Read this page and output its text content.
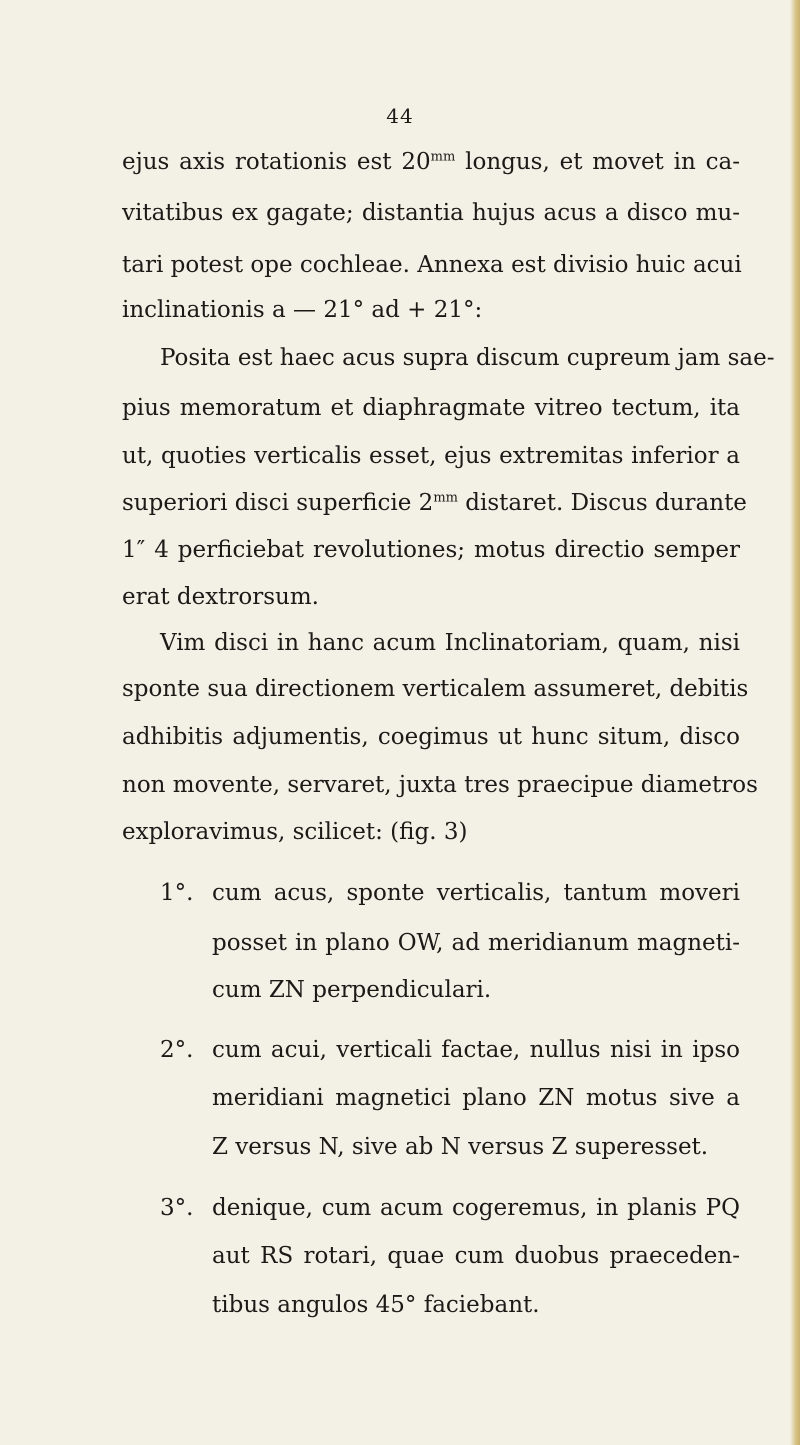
44
ejus axis rotationis est $20^{mm}$ longus, et movet in ca-
vitatibus ex gagate; distantia hujus acus a disco mu-
tari potest ope cochleae. Annexa est divisio huic acui
inclinationis a — 21° ad + 21°:
Posita est haec acus supra discum cupreum jam sae-
pius memoratum et diaphragmate vitreo tectum, ita
ut, quoties verticalis esset, ejus extremitas inferior a
superiori disci superficie $2^{mm}$ distaret. Discus durante
1″ 4 perficiebat revolutiones; motus directio semper
erat dextrorsum.
Vim disci in hanc acum Inclinatoriam, quam, nisi
sponte sua directionem verticalem assumeret, debitis
adhibitis adjumentis, coegimus ut hunc situm, disco
non movente, servaret, juxta tres praecipue diametros
exploravimus, scilicet: (fig. 3)
1°. cum acus, sponte verticalis, tantum moveri
posset in plano OW, ad meridianum magneti-
cum ZN perpendiculari.
2°. cum acui, verticali factae, nullus nisi in ipso
meridiani magnetici plano ZN motus sive a
Z versus N, sive ab N versus Z superesset.
3°. denique, cum acum cogeremus, in planis PQ
aut RS rotari, quae cum duobus praeceden-
tibus angulos 45° faciebant.
